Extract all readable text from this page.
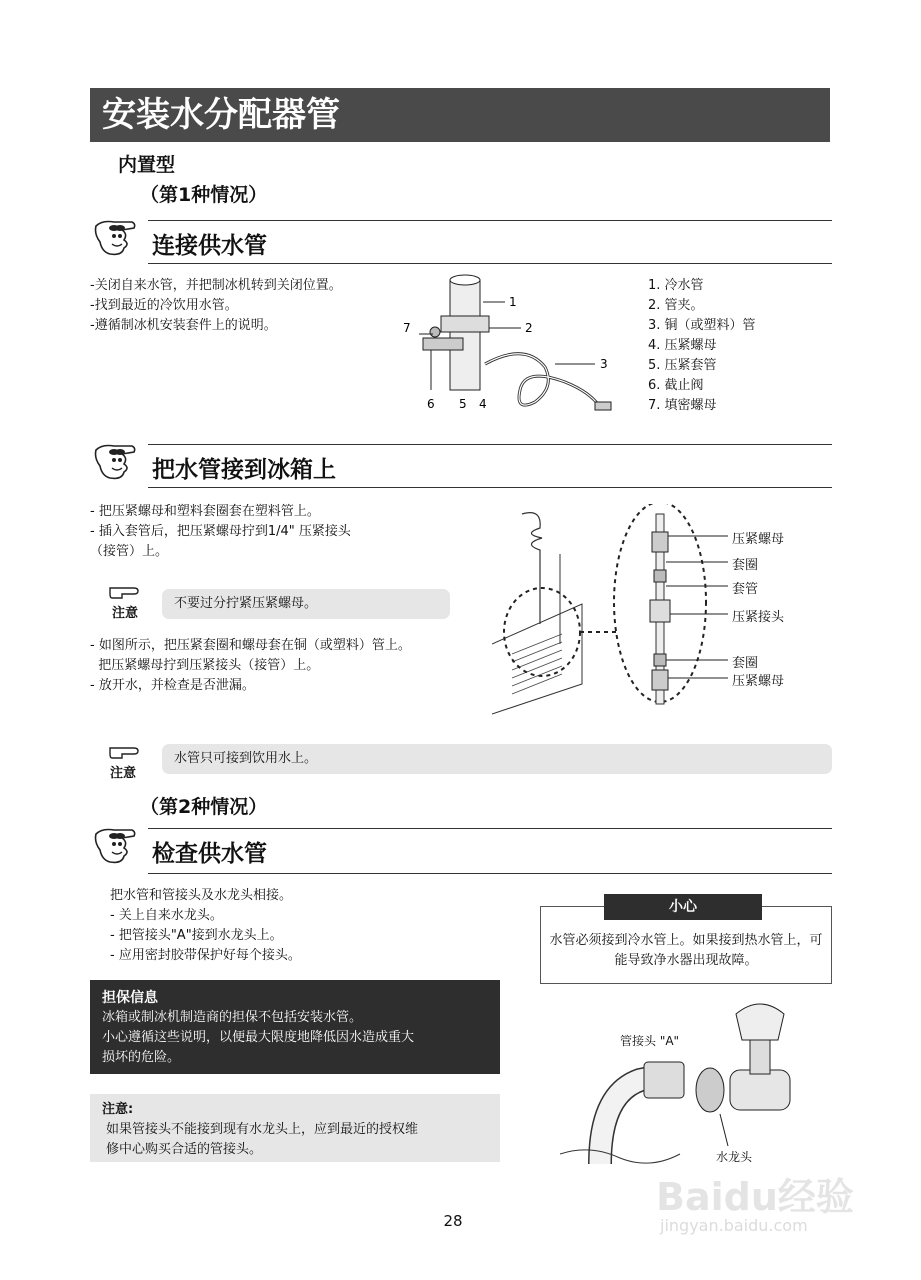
安装水分配器管
内置型
（第1种情况）
连接供水管
-关闭自来水管，并把制冰机转到关闭位置。
-找到最近的冷饮用水管。
-遵循制冰机安装套件上的说明。
1
2
3
7
6 5 4
1. 冷水管
2. 管夹。
3. 铜（或塑料）管
4. 压紧螺母
5. 压紧套管
6. 截止阀
7. 填密螺母
把水管接到冰箱上
- 把压紧螺母和塑料套圈套在塑料管上。
- 插入套管后，把压紧螺母拧到1/4" 压紧接头
（接管）上。
注意
不要过分拧紧压紧螺母。
- 如图所示，把压紧套圈和螺母套在铜（或塑料）管上。
把压紧螺母拧到压紧接头（接管）上。
- 放开水，并检查是否泄漏。
压紧螺母
套圈
套管
压紧接头
套圈
压紧螺母
注意
水管只可接到饮用水上。
（第2种情况）
检查供水管
把水管和管接头及水龙头相接。
- 关上自来水龙头。
- 把管接头"A"接到水龙头上。
- 应用密封胶带保护好每个接头。
水管必须接到冷水管上。如果接到热水管上，可能导致净水器出现故障。
小心
担保信息
冰箱或制冰机制造商的担保不包括安装水管。
小心遵循这些说明，以便最大限度地降低因水造成重大
损坏的危险。
注意:
如果管接头不能接到现有水龙头上，应到最近的授权维
修中心购买合适的管接头。
管接头 "A"
水龙头
28
Baidu经验
jingyan.baidu.com
